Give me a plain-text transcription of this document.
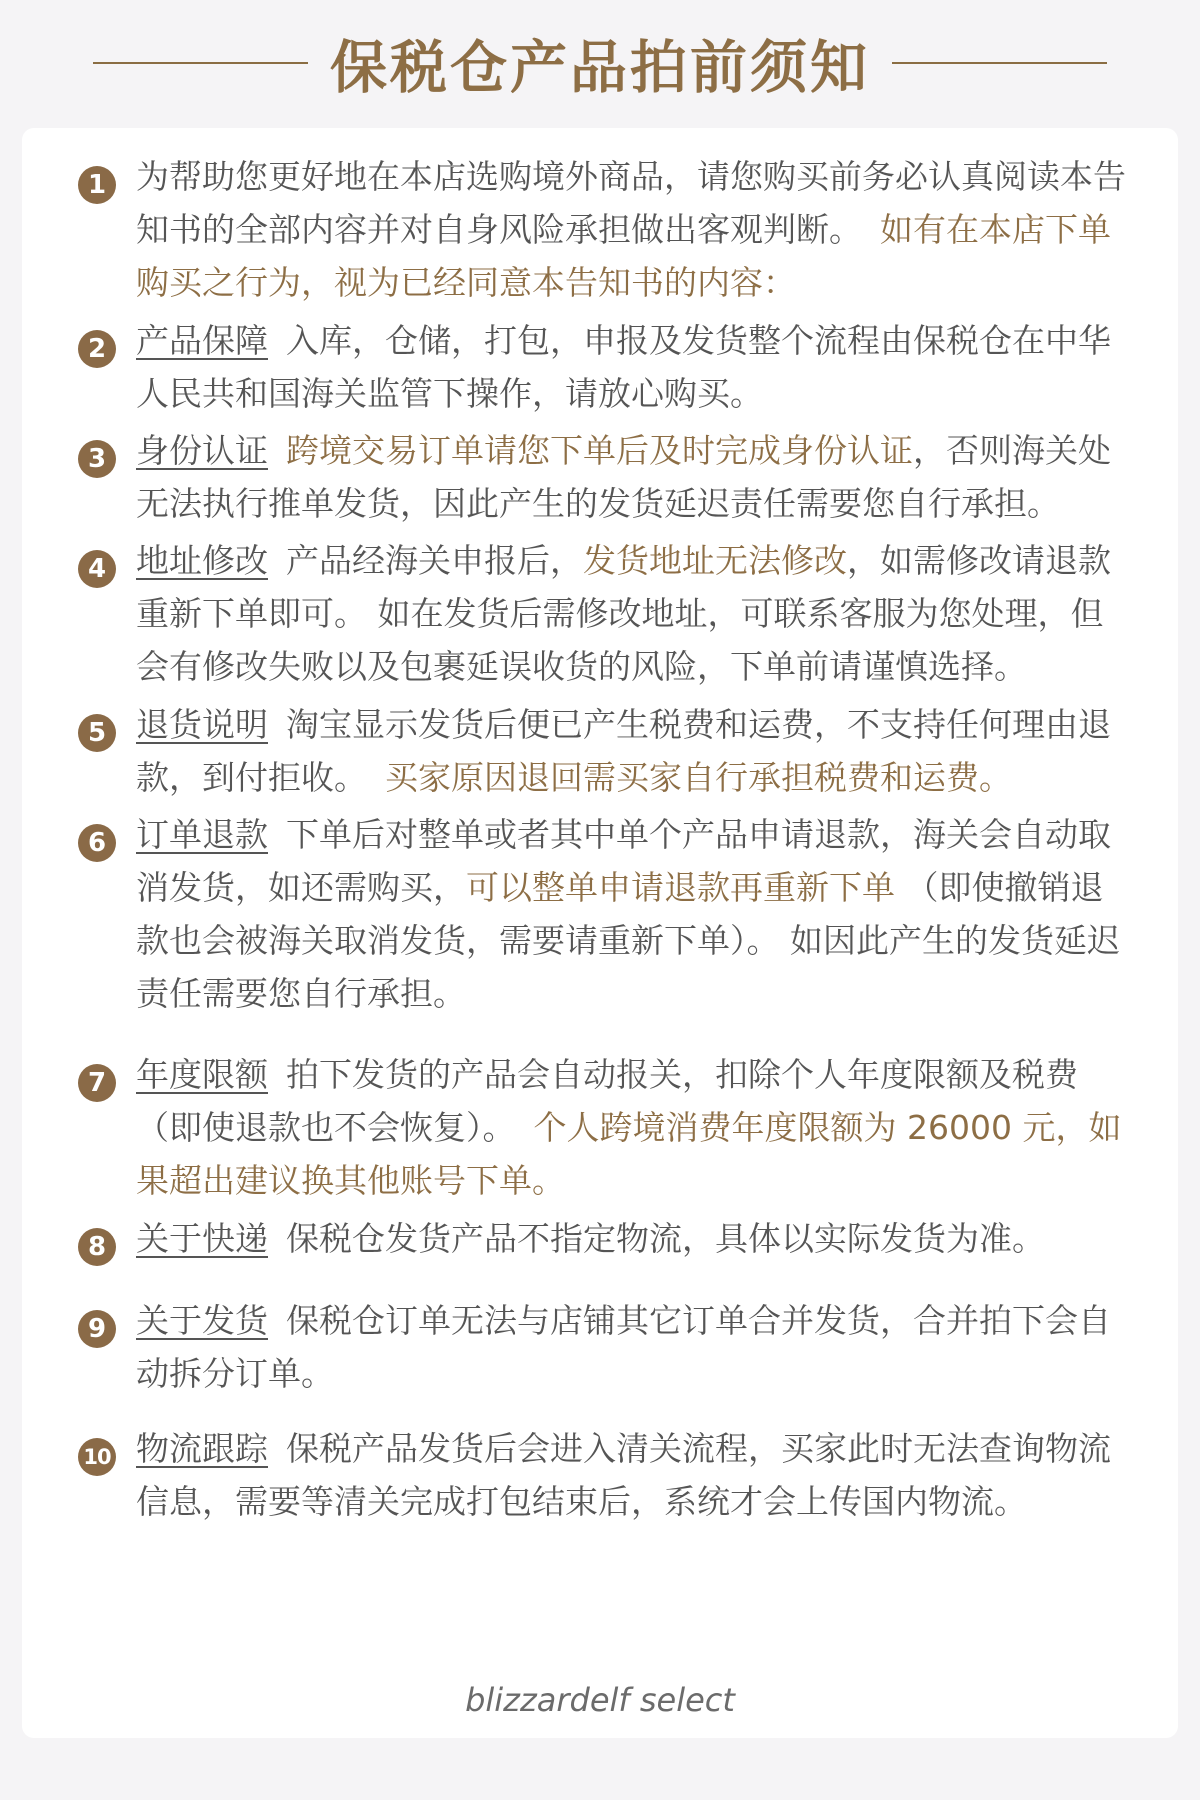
保税仓产品拍前须知
1 为帮助您更好地在本店选购境外商品，请您购买前务必认真阅读本告知书的全部内容并对自身风险承担做出客观判断。 如有在本店下单购买之行为，视为已经同意本告知书的内容：
2 产品保障 入库，仓储，打包，申报及发货整个流程由保税仓在中华人民共和国海关监管下操作，请放心购买。
3 身份认证 跨境交易订单请您下单后及时完成身份认证，否则海关处无法执行推单发货，因此产生的发货延迟责任需要您自行承担。
4 地址修改 产品经海关申报后，发货地址无法修改，如需修改请退款重新下单即可。 如在发货后需修改地址，可联系客服为您处理，但会有修改失败以及包裹延误收货的风险，下单前请谨慎选择。
5 退货说明 淘宝显示发货后便已产生税费和运费，不支持任何理由退款，到付拒收。 买家原因退回需买家自行承担税费和运费。
6 订单退款 下单后对整单或者其中单个产品申请退款，海关会自动取消发货，如还需购买，可以整单申请退款再重新下单 （即使撤销退款也会被海关取消发货，需要请重新下单）。 如因此产生的发货延迟责任需要您自行承担。
7 年度限额 拍下发货的产品会自动报关，扣除个人年度限额及税费（即使退款也不会恢复）。 个人跨境消费年度限额为 26000 元，如果超出建议换其他账号下单。
8 关于快递 保税仓发货产品不指定物流，具体以实际发货为准。
9 关于发货 保税仓订单无法与店铺其它订单合并发货，合并拍下会自动拆分订单。
10 物流跟踪 保税产品发货后会进入清关流程，买家此时无法查询物流信息，需要等清关完成打包结束后，系统才会上传国内物流。
blizzardelf select
